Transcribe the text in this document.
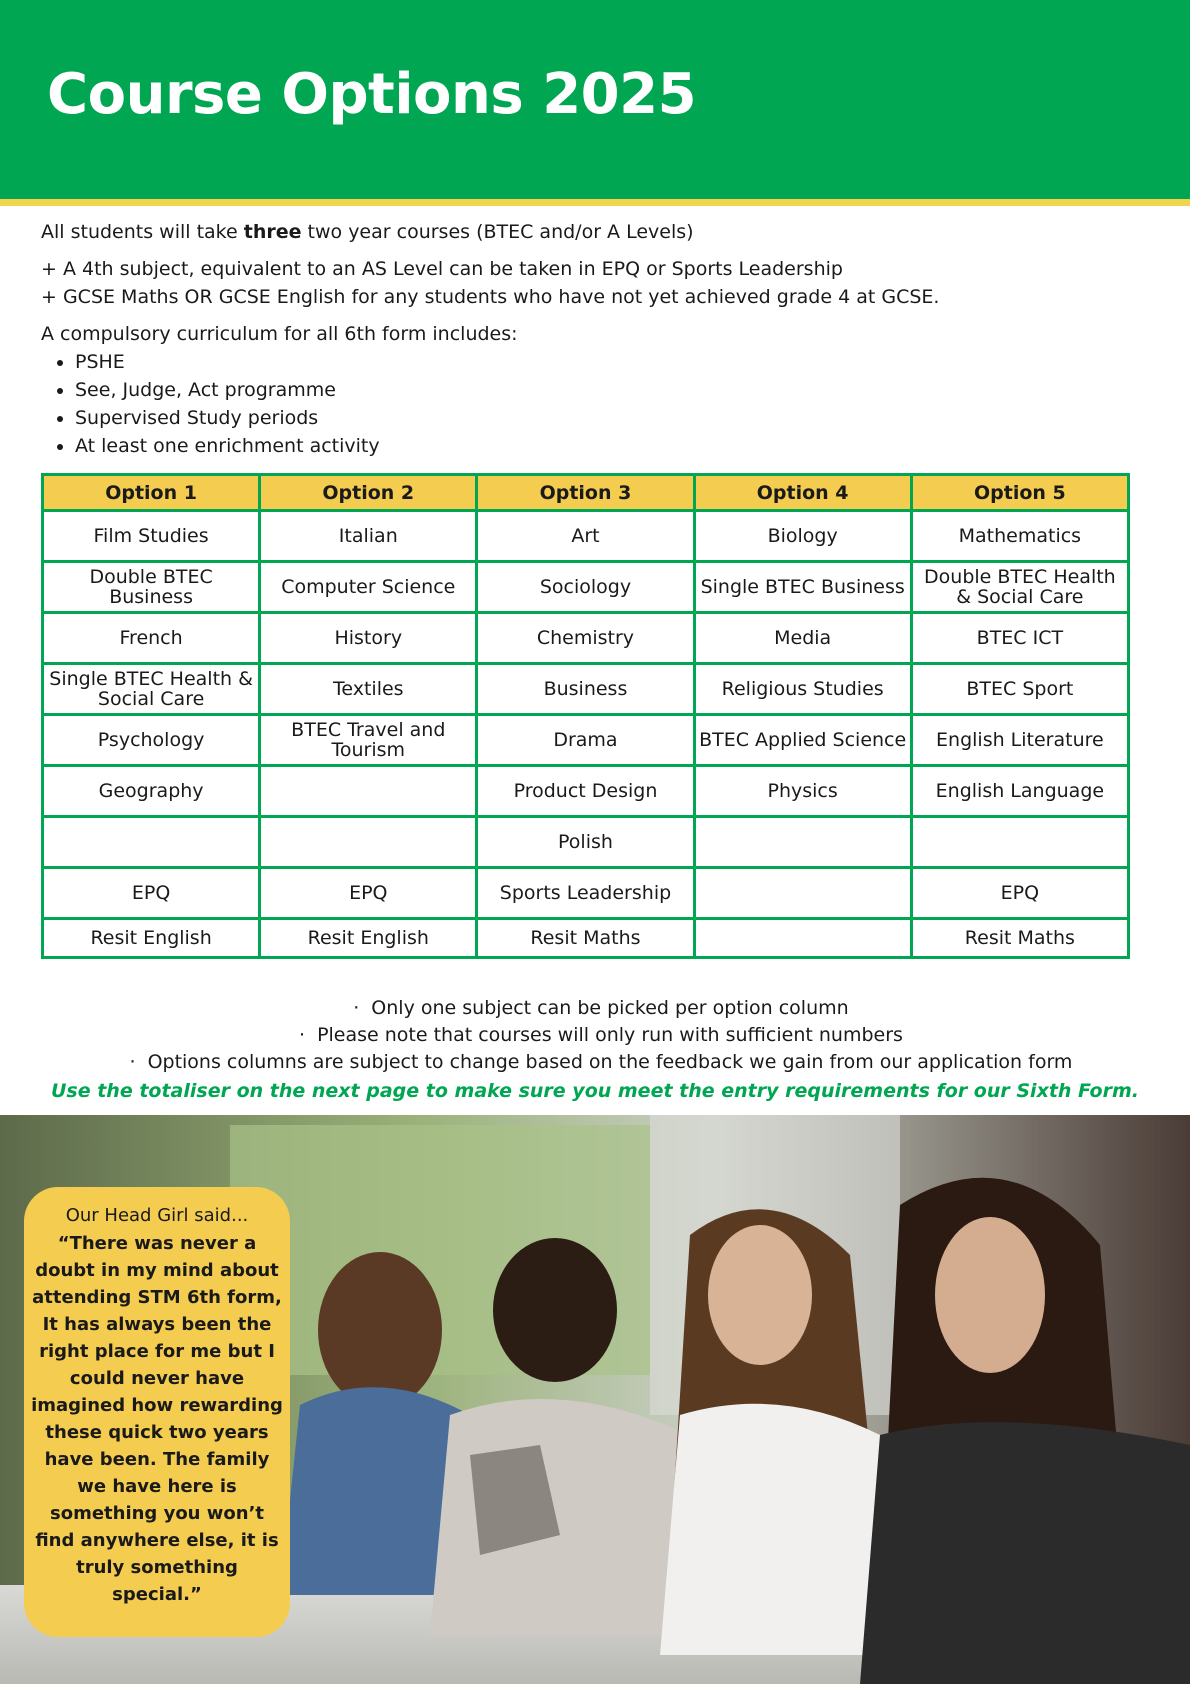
Course Options 2025

All students will take three two year courses (BTEC and/or A Levels)

+ A 4th subject, equivalent to an AS Level can be taken in EPQ or Sports Leadership
+ GCSE Maths OR GCSE English for any students who have not yet achieved grade 4 at GCSE.

A compulsory curriculum for all 6th form includes:

• PSHE
• See, Judge, Act programme
• Supervised Study periods
• At least one enrichment activity
Option 1	Option 2	Option 3	Option 4	Option 5
Film Studies	Italian	Art	Biology	Mathematics
Double BTEC Business	Computer Science	Sociology	Single BTEC Business	Double BTEC Health & Social Care
French	History	Chemistry	Media	BTEC ICT
Single BTEC Health & Social Care	Textiles	Business	Religious Studies	BTEC Sport
Psychology	BTEC Travel and Tourism	Drama	BTEC Applied Science	English Literature
Geography		Product Design	Physics	English Language
		Polish		
EPQ	EPQ	Sports Leadership		EPQ
Resit English	Resit English	Resit Maths		Resit Maths
· Only one subject can be picked per option column
· Please note that courses will only run with sufficient numbers
· Options columns are subject to change based on the feedback we gain from our application form
Use the totaliser on the next page to make sure you meet the entry requirements for our Sixth Form.
Our Head Girl said...
“There was never a doubt in my mind about attending STM 6th form, It has always been the right place for me but I could never have imagined how rewarding these quick two years have been. The family we have here is something you won’t find anywhere else, it is truly something special.”
